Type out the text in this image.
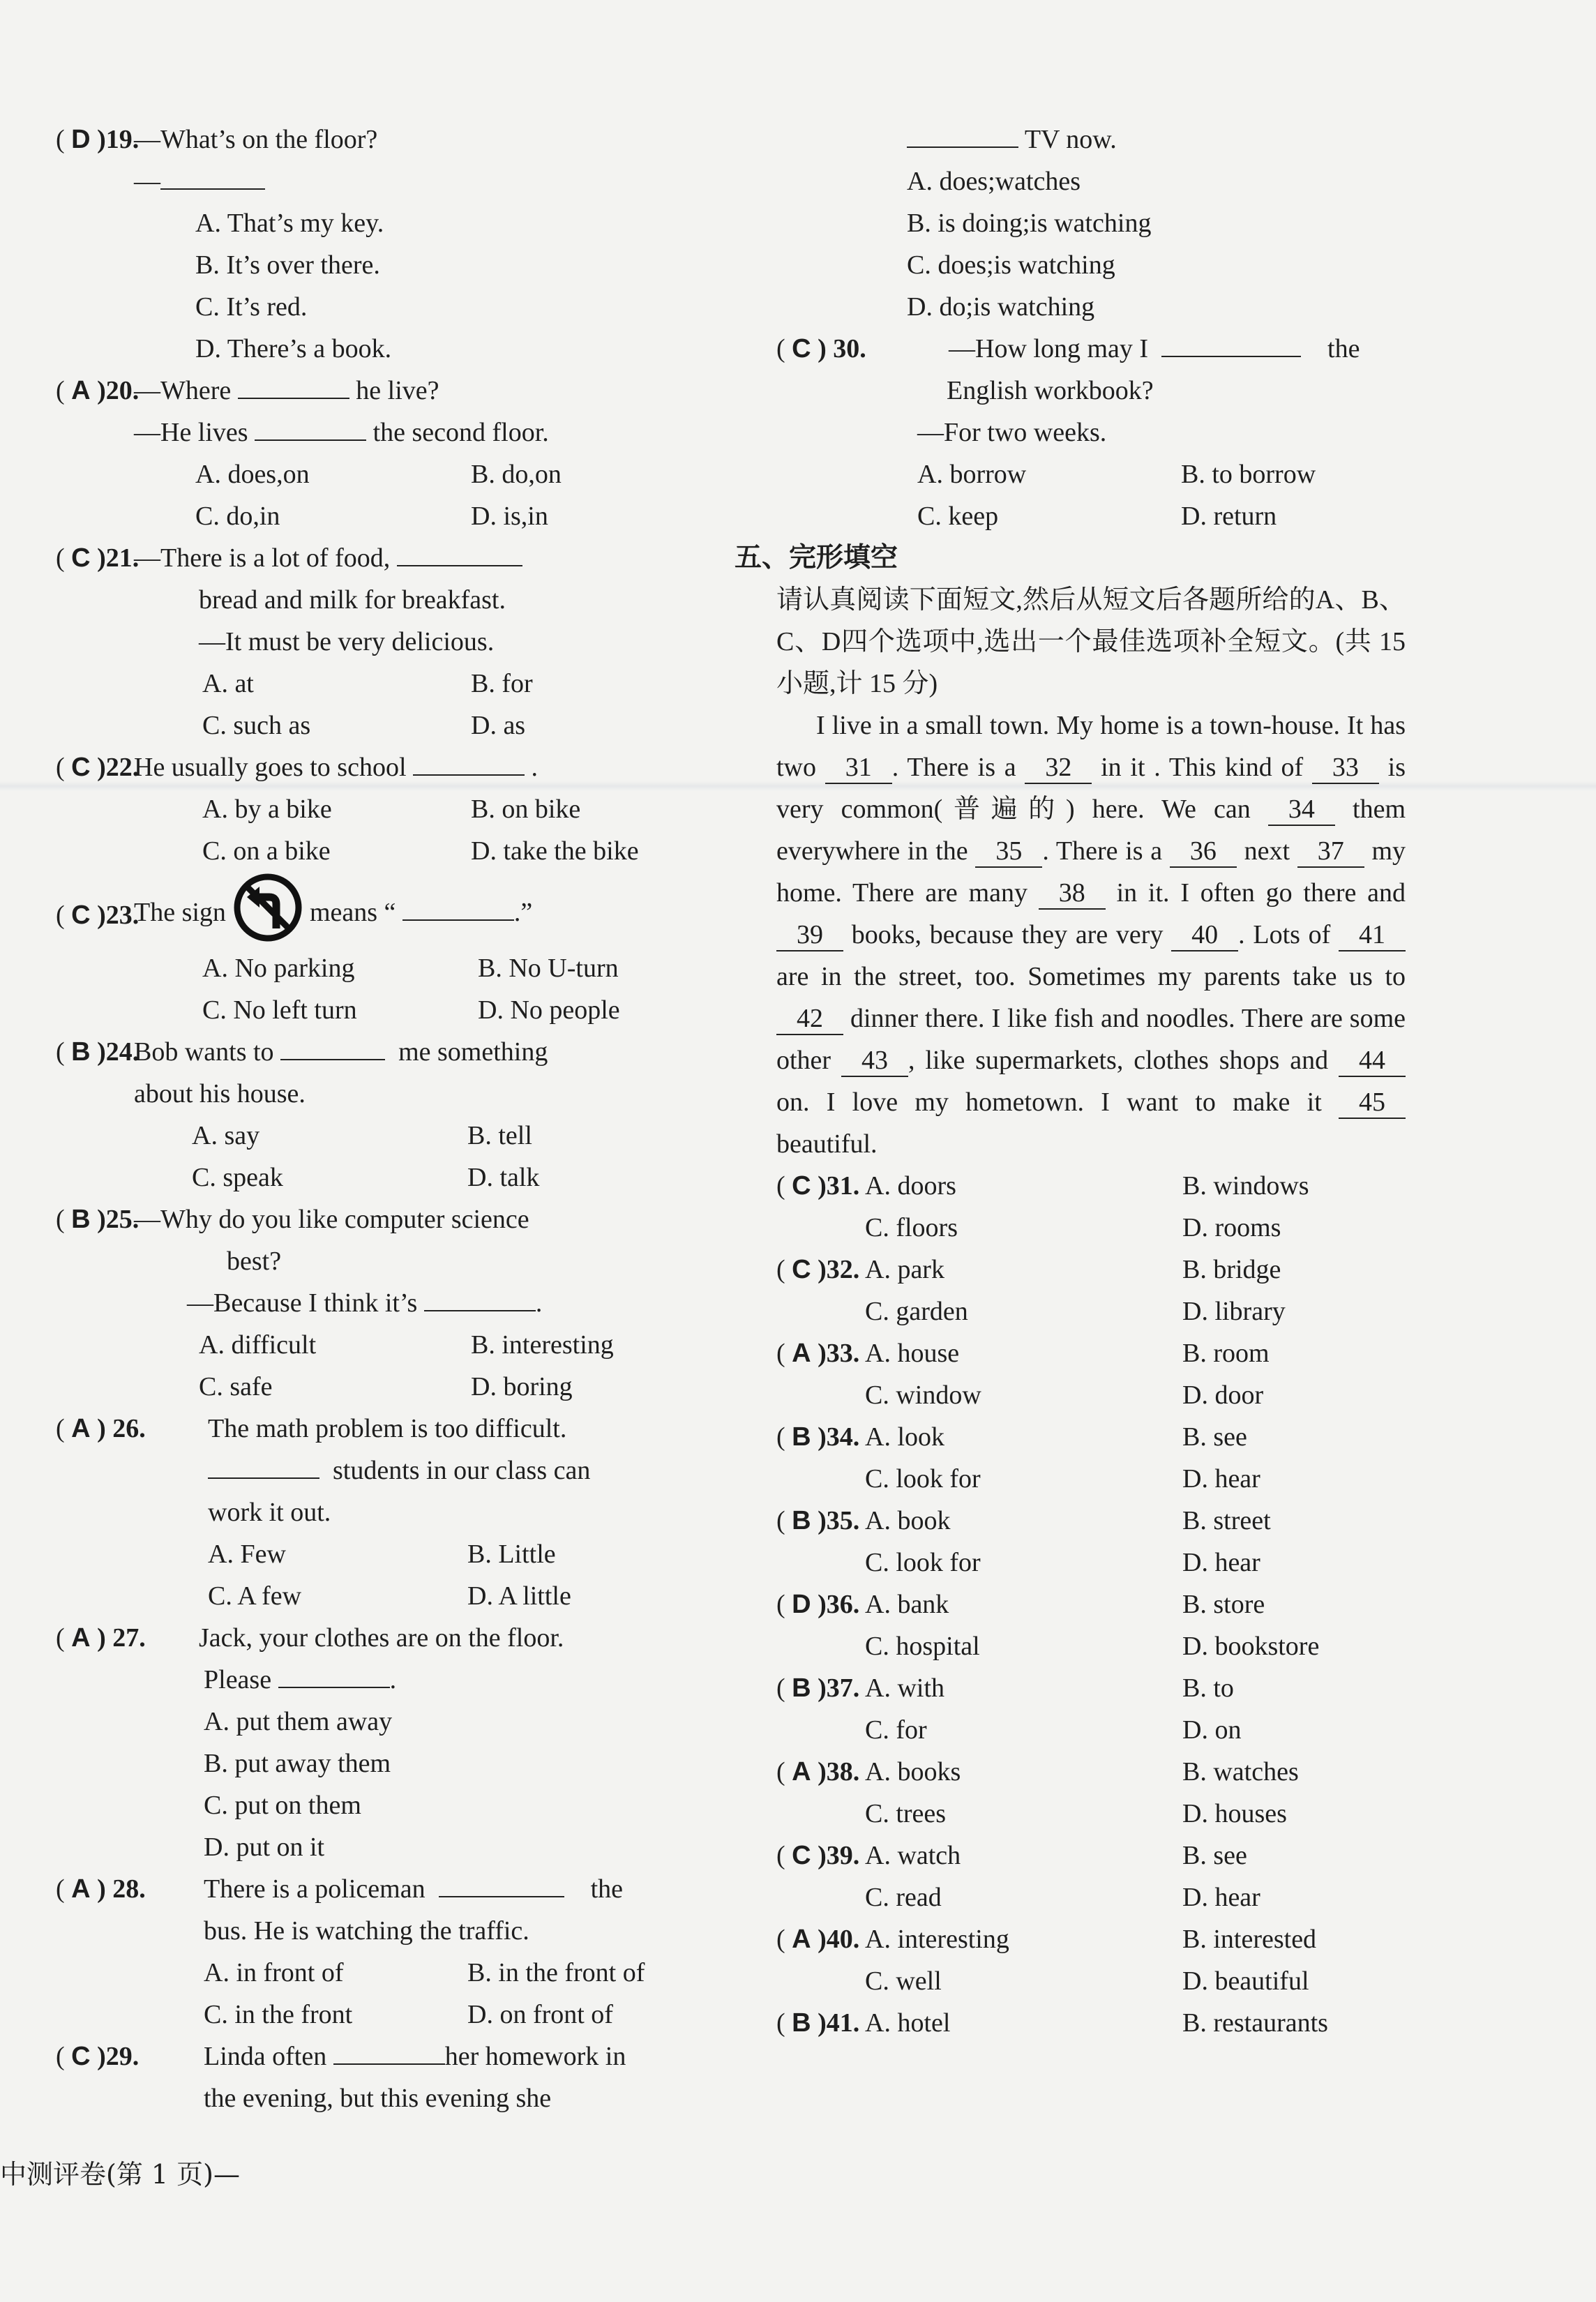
( D )19.
—What’s on the floor?
—
A. That’s my key.
B. It’s over there.
C. It’s red.
D. There’s a book.
( A )20.
—Where	he live?
—He lives	the second floor.
A. does,on	B. do,on
C. do,in	D. is,in
( C )21.
—There is a lot of food,
bread and milk for breakfast.
—It must be very delicious.
A. at	B. for
C. such as	D. as
( C )22.
He usually goes to school	.
A. by a bike	B. on bike
C. on a bike	D. take the bike
( C )23.
The sign	means “	.”
A. No parking	B. No U-turn
C. No left turn	D. No people
( B )24.
Bob wants to	me something
about his house.
A. say	B. tell
C. speak	D. talk
( B )25.
—Why do you like computer science
best?
—Because I think it’s	.
A. difficult	B. interesting
C. safe	D. boring
( A ) 26.	The math problem is too difficult.
students in our class can
work it out.
A. Few	B. Little
C. A few	D. A little
( A ) 27.	Jack, your clothes are on the floor.
Please	.
A. put them away
B. put away them
C. put on them
D. put on it
( A ) 28.	There is a policeman	the
bus. He is watching the traffic.
A. in front of	B. in the front of
C. in the front	D. on front of
( C )29.	Linda often	her homework in
the evening, but this evening she
TV now.
A. does;watches
B. is doing;is watching
C. does;is watching
D. do;is watching
( C ) 30.	—How long may I	the
English workbook?
—For two weeks.
A. borrow	B. to borrow
C. keep	D. return
五、完形填空
请认真阅读下面短文,然后从短文后各题所给的A、B、C、D四个选项中,选出一个最佳选项补全短文。(共 15 小题,计 15 分)
  I live in a small town. My home is a town-house. It has two 31 . There is a 32 in it . This kind of 33 is very common(普遍的) here. We can 34 them everywhere in the 35 . There is a 36 next 37 my home. There are many 38 in it. I often go there and 39 books, because they are very 40 . Lots of 41 are in the street, too. Sometimes my parents take us to 42 dinner there. I like fish and noodles. There are some other 43 , like supermarkets, clothes shops and 44on. I love my hometown. I want to make it 45 beautiful.
( C )31. A. doors	B. windows

C. floors	D. rooms

( C )32. A. park	B. bridge

C. garden	D. library

( A )33. A. house	B. room

C. window	D. door

( B )34. A. look	B. see

C. look for	D. hear

( B )35. A. book	B. street

C. look for	D. hear

( D )36. A. bank	B. store

C. hospital	D. bookstore

( B )37. A. with	B. to

C. for	D. on

( A )38. A. books	B. watches

C. trees	D. houses

( C )39. A. watch	B. see

C. read	D. hear

( A )40. A. interesting	B. interested

C. well	D. beautiful

( B )41. A. hotel	B. restaurants

中测评卷(第 1 页)—
